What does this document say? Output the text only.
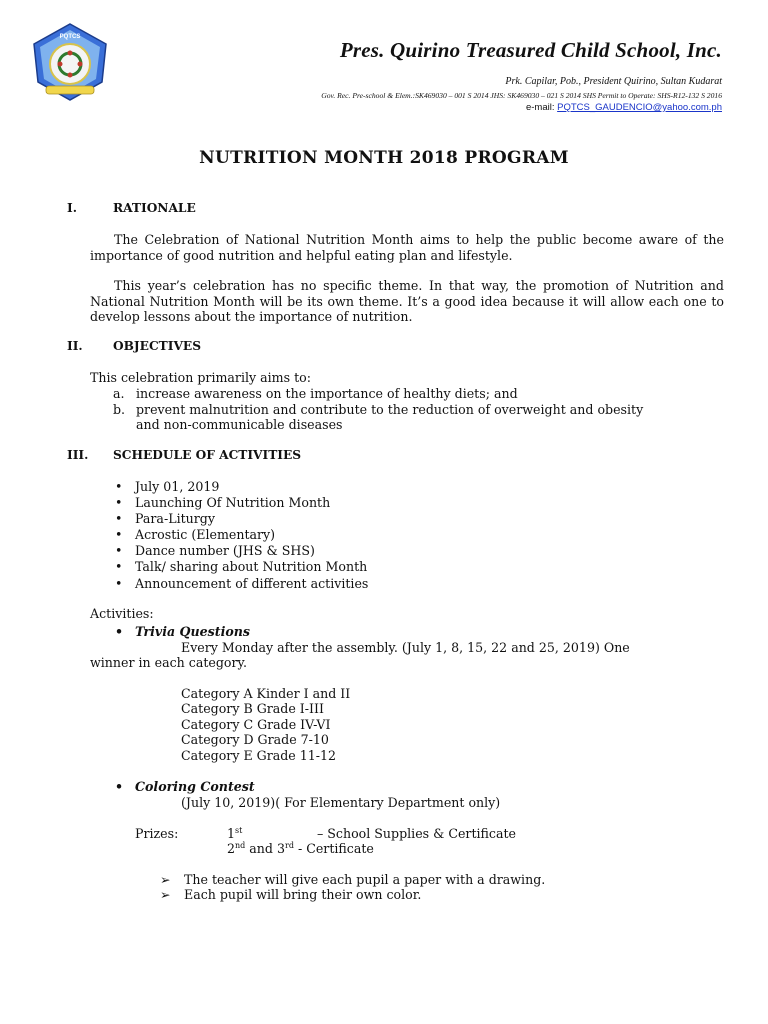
PQTCS
Pres. Quirino Treasured Child School, Inc.
Prk. Capilar, Pob., President Quirino, Sultan Kudarat
Gov. Rec. Pre-school & Elem.:SK469030 – 001 S 2014 JHS: SK469030 – 021 S 2014 SHS Permit to Operate: SHS-R12-132 S 2016
e-mail: PQTCS_GAUDENCIO@yahoo.com.ph
NUTRITION MONTH 2018 PROGRAM
I.	RATIONALE
The Celebration of National Nutrition Month aims to help the public become aware of the importance of good nutrition and helpful eating plan and lifestyle.
This year’s celebration has no specific theme. In that way, the promotion of Nutrition and National Nutrition Month will be its own theme. It’s a good idea because it will allow each one to develop lessons about the importance of nutrition.
II. OBJECTIVES
This celebration primarily aims to:
a. increase awareness on the importance of healthy diets; and
b. prevent malnutrition and contribute to the reduction of overweight and obesity
and non-communicable diseases
III. SCHEDULE OF ACTIVITIES
• July 01, 2019
• Launching Of Nutrition Month
• Para-Liturgy
• Acrostic (Elementary)
• Dance number (JHS & SHS)
• Talk/ sharing about Nutrition Month
• Announcement of different activities
Activities:
• Trivia Questions
Every Monday after the assembly. (July 1, 8, 15, 22 and 25, 2019) One
winner in each category.
Category A Kinder I and II
Category B Grade I-III
Category C Grade IV-VI
Category D Grade 7-10
Category E Grade 11-12
• Coloring Contest
(July 10, 2019)( For Elementary Department only)
Prizes:	1st	– School Supplies & Certificate
2nd and 3rd - Certificate
➢ The teacher will give each pupil a paper with a drawing.
➢ Each pupil will bring their own color.
